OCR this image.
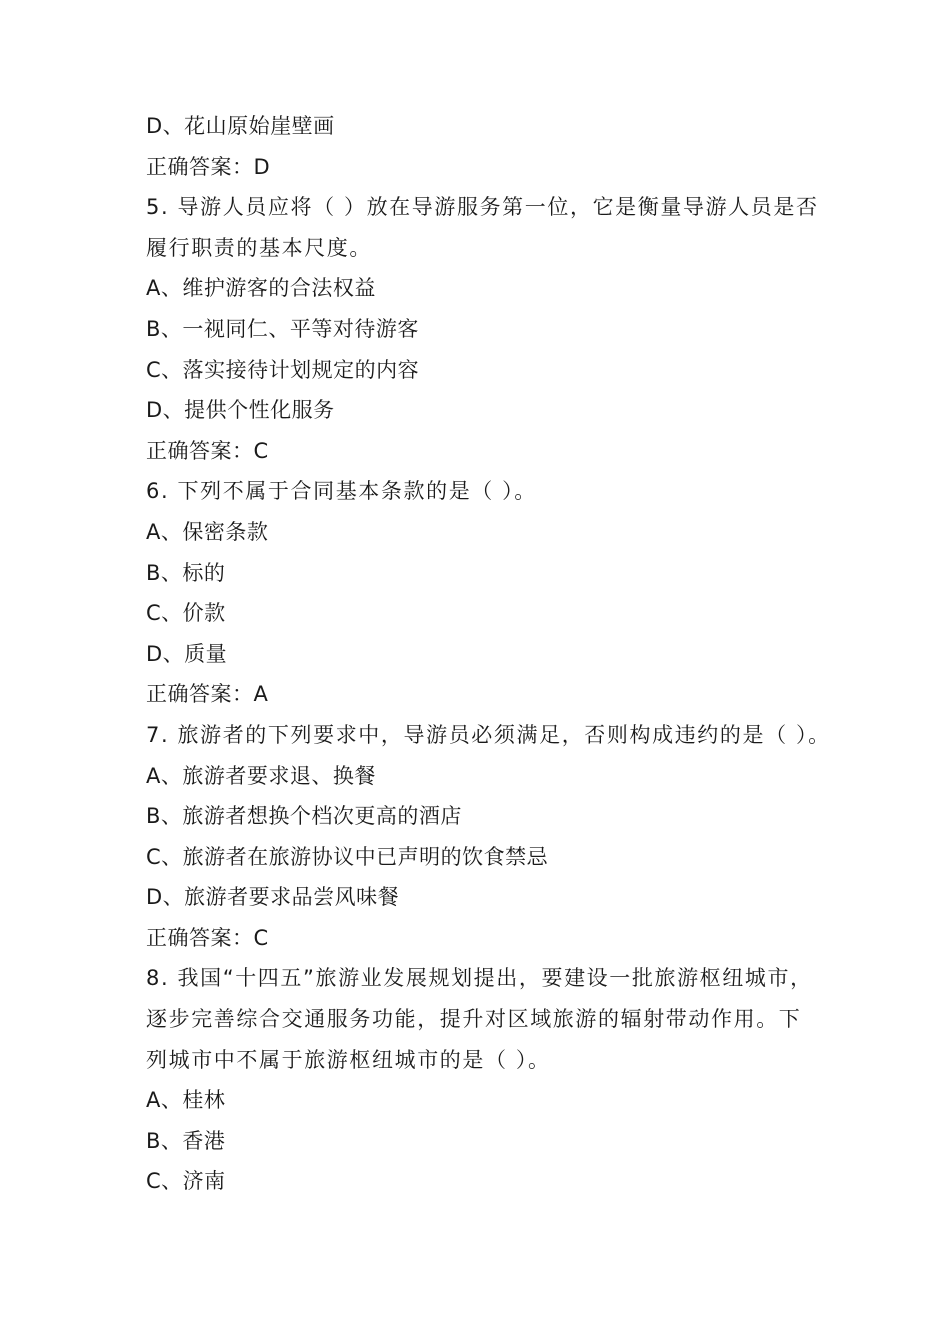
D、花山原始崖壁画
正确答案：D
5. 导游人员应将（ ）放在导游服务第一位，它是衡量导游人员是否
履行职责的基本尺度。
A、维护游客的合法权益
B、一视同仁、平等对待游客
C、落实接待计划规定的内容
D、提供个性化服务
正确答案：C
6. 下列不属于合同基本条款的是（ ）。
A、保密条款
B、标的
C、价款
D、质量
正确答案：A
7. 旅游者的下列要求中，导游员必须满足，否则构成违约的是（ ）。
A、旅游者要求退、换餐
B、旅游者想换个档次更高的酒店
C、旅游者在旅游协议中已声明的饮食禁忌
D、旅游者要求品尝风味餐
正确答案：C
8. 我国“十四五”旅游业发展规划提出，要建设一批旅游枢纽城市，
逐步完善综合交通服务功能，提升对区域旅游的辐射带动作用。下
列城市中不属于旅游枢纽城市的是（ ）。
A、桂林
B、香港
C、济南
